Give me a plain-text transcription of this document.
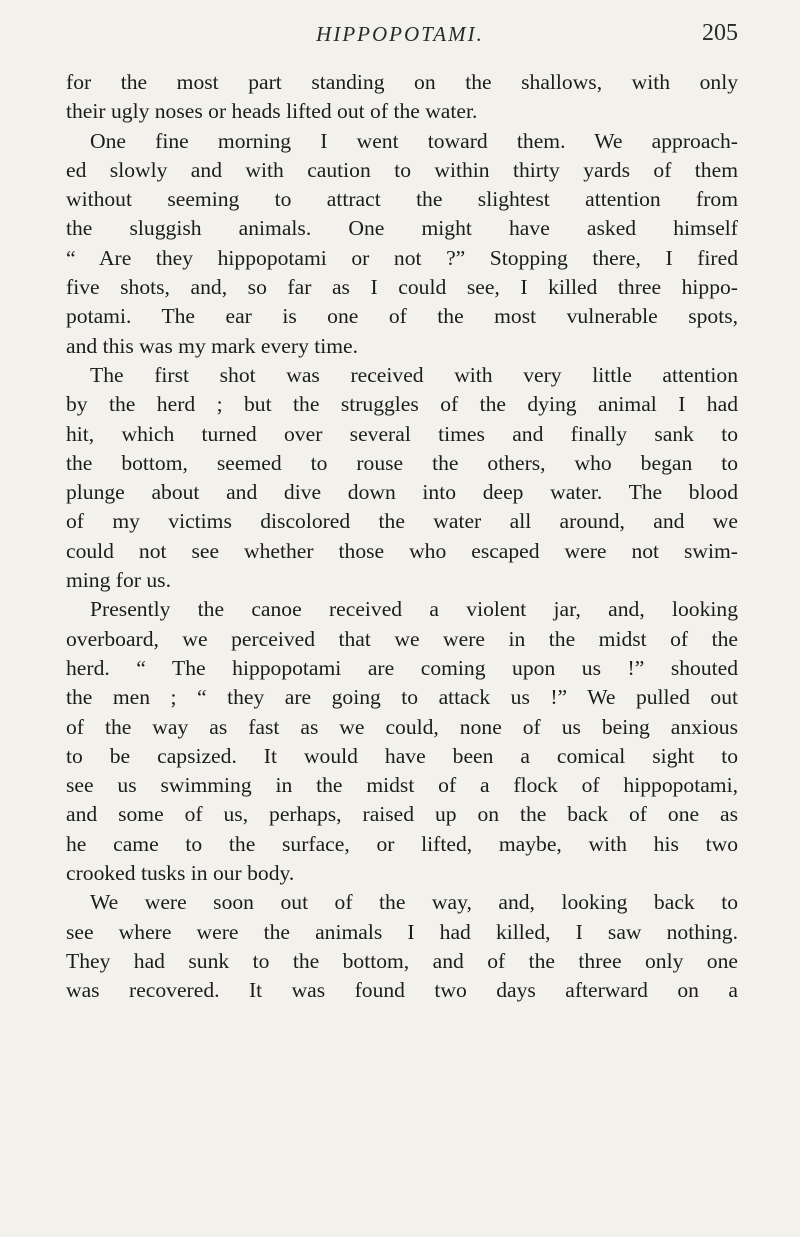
HIPPOPOTAMI.	205
for the most part standing on the shallows, with only
their ugly noses or heads lifted out of the water.
One fine morning I went toward them. We approach-
ed slowly and with caution to within thirty yards of them
without seeming to attract the slightest attention from
the sluggish animals. One might have asked himself
“ Are they hippopotami or not ?” Stopping there, I fired
five shots, and, so far as I could see, I killed three hippo-
potami. The ear is one of the most vulnerable spots,
and this was my mark every time.
The first shot was received with very little attention
by the herd ; but the struggles of the dying animal I had
hit, which turned over several times and finally sank to
the bottom, seemed to rouse the others, who began to
plunge about and dive down into deep water. The blood
of my victims discolored the water all around, and we
could not see whether those who escaped were not swim-
ming for us.
Presently the canoe received a violent jar, and, looking
overboard, we perceived that we were in the midst of the
herd. “ The hippopotami are coming upon us !” shouted
the men ; “ they are going to attack us !” We pulled out
of the way as fast as we could, none of us being anxious
to be capsized. It would have been a comical sight to
see us swimming in the midst of a flock of hippopotami,
and some of us, perhaps, raised up on the back of one as
he came to the surface, or lifted, maybe, with his two
crooked tusks in our body.
We were soon out of the way, and, looking back to
see where were the animals I had killed, I saw nothing.
They had sunk to the bottom, and of the three only one
was recovered. It was found two days afterward on a
